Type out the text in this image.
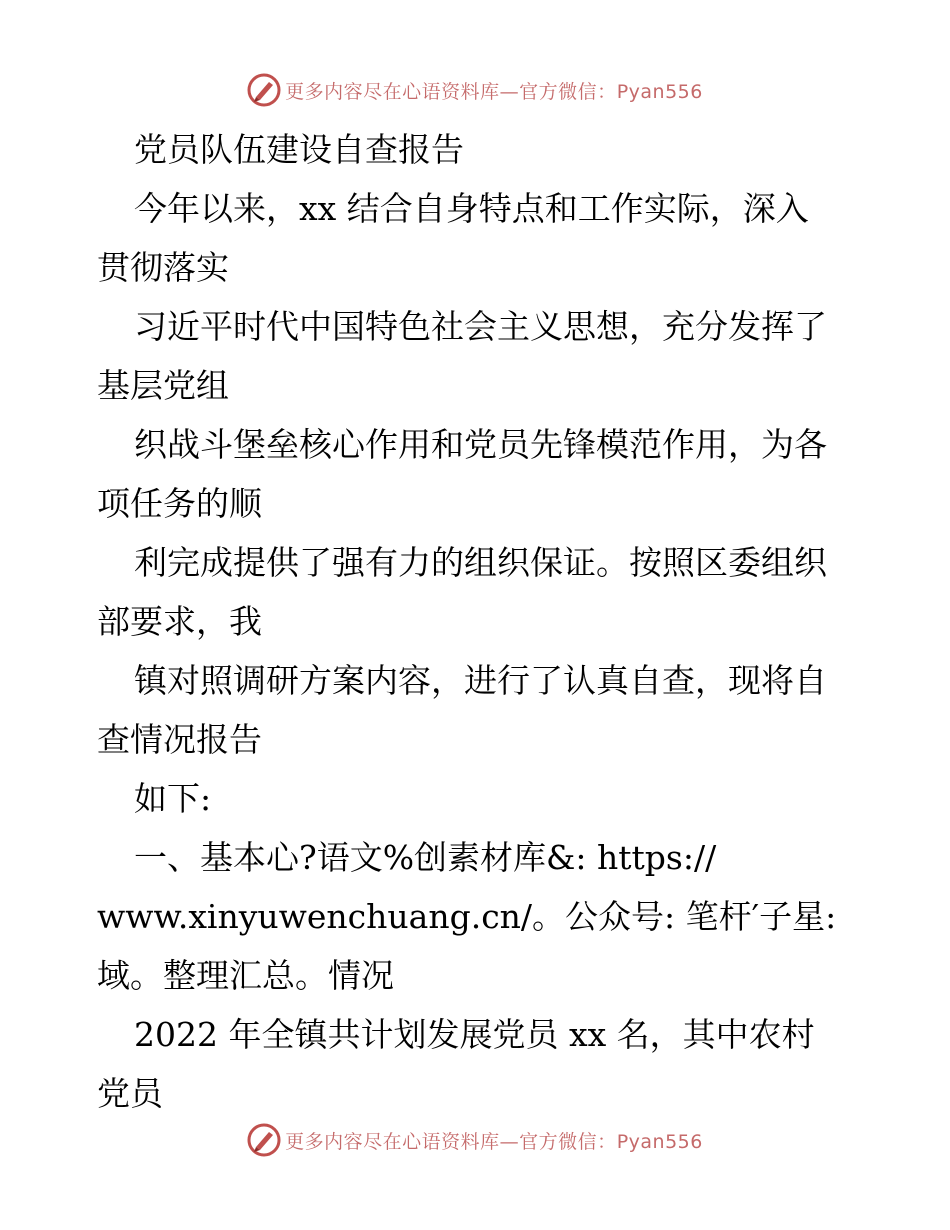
更多内容尽在心语资料库—官方微信：Pyan556
党员队伍建设自查报告
今年以来，xx 结合自身特点和工作实际，深入
贯彻落实
习近平时代中国特色社会主义思想，充分发挥了
基层党组
织战斗堡垒核心作用和党员先锋模范作用，为各
项任务的顺
利完成提供了强有力的组织保证。按照区委组织
部要求，我
镇对照调研方案内容，进行了认真自查，现将自
查情况报告
如下:
一、基本心?语文%创素材库&: https://
www.xinyuwenchuang.cn/。公众号: 笔杆′子星:
域。整理汇总。情况
2022 年全镇共计划发展党员 xx 名，其中农村
党员
更多内容尽在心语资料库—官方微信：Pyan556
